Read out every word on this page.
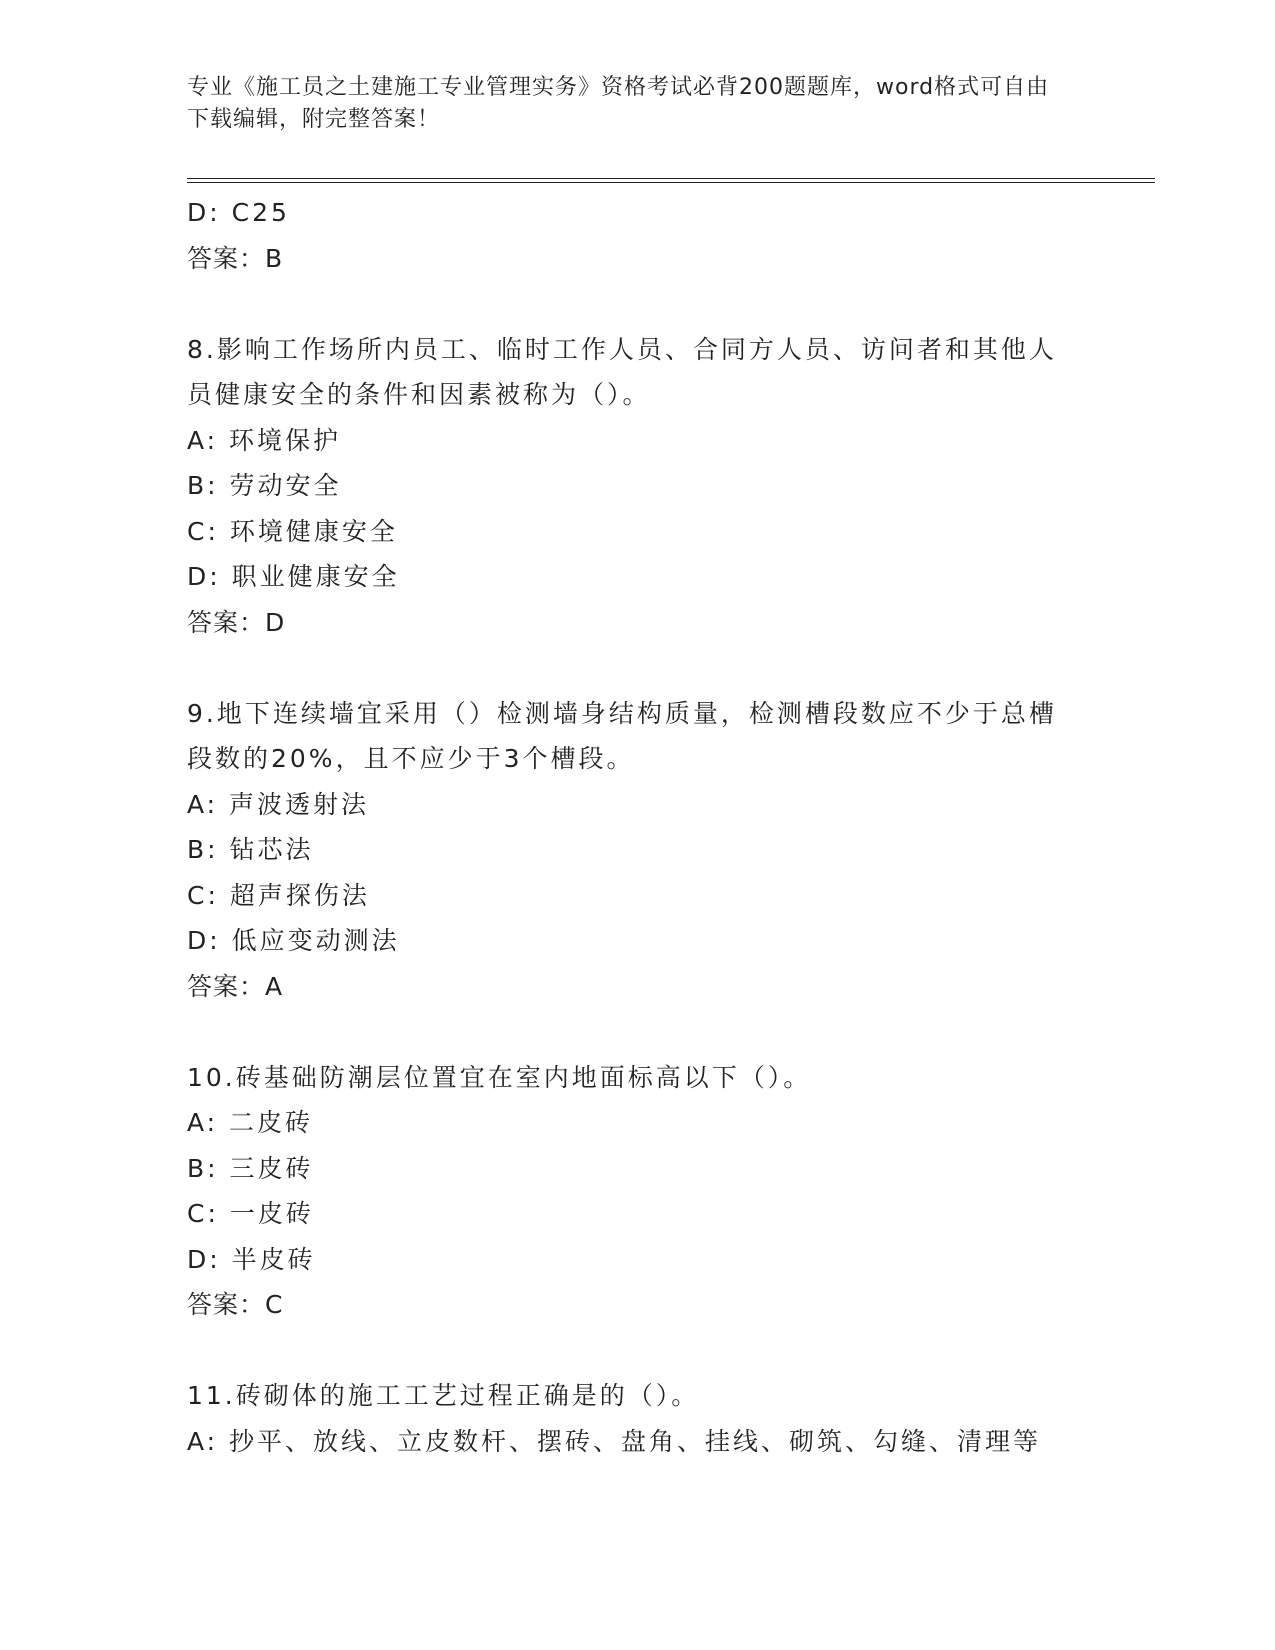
专业《施工员之土建施工专业管理实务》资格考试必背200题题库，word格式可自由下载编辑，附完整答案！
D: C25
答案：B
8.影响工作场所内员工、临时工作人员、合同方人员、访问者和其他人员健康安全的条件和因素被称为（）。
A: 环境保护
B: 劳动安全
C: 环境健康安全
D: 职业健康安全
答案：D
9.地下连续墙宜采用（）检测墙身结构质量，检测槽段数应不少于总槽段数的20%，且不应少于3个槽段。
A: 声波透射法
B: 钻芯法
C: 超声探伤法
D: 低应变动测法
答案：A
10.砖基础防潮层位置宜在室内地面标高以下（）。
A: 二皮砖
B: 三皮砖
C: 一皮砖
D: 半皮砖
答案：C
11.砖砌体的施工工艺过程正确是的（）。
A: 抄平、放线、立皮数杆、摆砖、盘角、挂线、砌筑、勾缝、清理等
